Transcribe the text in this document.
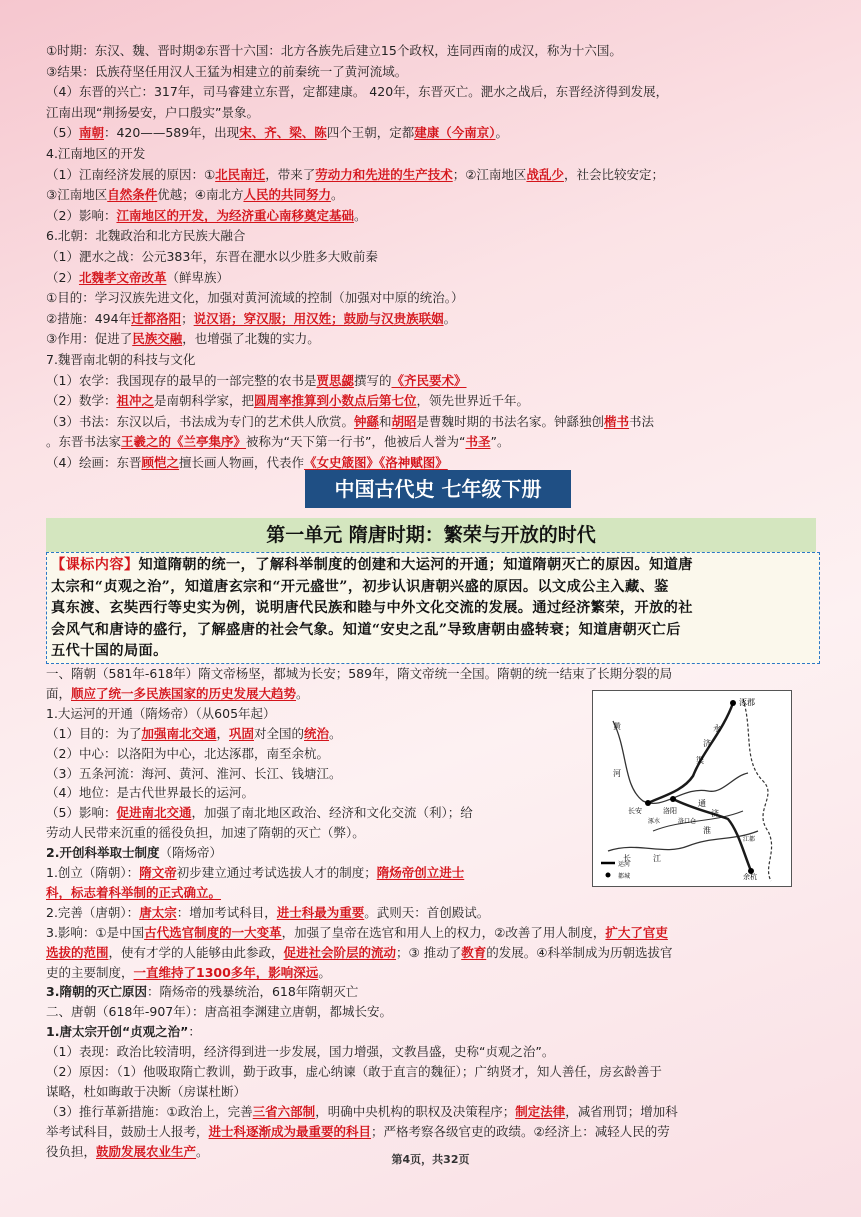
①时期：东汉、魏、晋时期②东晋十六国：北方各族先后建立15个政权，连同西南的成汉，称为十六国。
③结果：氐族苻坚任用汉人王猛为相建立的前秦统一了黄河流域。
（4）东晋的兴亡：317年，司马睿建立东晋，定都建康。 420年，东晋灭亡。淝水之战后，东晋经济得到发展，
江南出现“荆扬晏安，户口殷实”景象。
（5）南朝：420——589年，出现宋、齐、梁、陈四个王朝，定都建康（今南京）。
4.江南地区的开发
（1）江南经济发展的原因：①北民南迁，带来了劳动力和先进的生产技术；②江南地区战乱少，社会比较安定；
③江南地区自然条件优越；④南北方人民的共同努力。
（2）影响：江南地区的开发，为经济重心南移奠定基础。
6.北朝：北魏政治和北方民族大融合
（1）淝水之战：公元383年，东晋在淝水以少胜多大败前秦
（2）北魏孝文帝改革（鲜卑族）
①目的：学习汉族先进文化，加强对黄河流域的控制（加强对中原的统治。）
②措施：494年迁都洛阳；说汉语；穿汉服；用汉姓；鼓励与汉贵族联姻。
③作用：促进了民族交融，也增强了北魏的实力。
7.魏晋南北朝的科技与文化
（1）农学：我国现存的最早的一部完整的农书是贾思勰撰写的《齐民要术》
（2）数学：祖冲之是南朝科学家，把圆周率推算到小数点后第七位，领先世界近千年。
（3）书法：东汉以后，书法成为专门的艺术供人欣赏。钟繇和胡昭是曹魏时期的书法名家。钟繇独创楷书书法
。东晋书法家王羲之的《兰亭集序》被称为“天下第一行书”，他被后人誉为“书圣”。
（4）绘画：东晋顾恺之擅长画人物画，代表作《女史箴图》《洛神赋图》
中国古代史 七年级下册
第一单元 隋唐时期：繁荣与开放的时代
【课标内容】知道隋朝的统一，了解科举制度的创建和大运河的开通；知道隋朝灭亡的原因。知道唐
太宗和“贞观之治”，知道唐玄宗和“开元盛世”，初步认识唐朝兴盛的原因。以文成公主入藏、鉴
真东渡、玄奘西行等史实为例，说明唐代民族和睦与中外文化交流的发展。通过经济繁荣，开放的社
会风气和唐诗的盛行，了解盛唐的社会气象。知道“安史之乱”导致唐朝由盛转衰；知道唐朝灭亡后
五代十国的局面。
一、隋朝（581年-618年）隋文帝杨坚，都城为长安；589年，隋文帝统一全国。隋朝的统一结束了长期分裂的局
面，顺应了统一多民族国家的历史发展大趋势。
1.大运河的开通（隋炀帝）（从605年起）
（1）目的：为了加强南北交通，巩固对全国的统治。
（2）中心：以洛阳为中心，北达涿郡，南至余杭。
（3）五条河流：海河、黄河、淮河、长江、钱塘江。
（4）地位：是古代世界最长的运河。
（5）影响：促进南北交通，加强了南北地区政治、经济和文化交流（利）；给
劳动人民带来沉重的徭役负担，加速了隋朝的灭亡（弊）。
2.开创科举取士制度（隋炀帝）
1.创立（隋朝）：隋文帝初步建立通过考试选拔人才的制度；隋炀帝创立进士
科，标志着科举制的正式确立。
2.完善（唐朝）：唐太宗：增加考试科目，进士科最为重要。武则天：首创殿试。
3.影响：①是中国古代选官制度的一大变革，加强了皇帝在选官和用人上的权力，②改善了用人制度，扩大了官吏
选拔的范围，使有才学的人能够由此参政，促进社会阶层的流动；③ 推动了教育的发展。④科举制成为历朝选拔官
吏的主要制度，一直维持了1300多年，影响深远。
3.隋朝的灭亡原因：隋炀帝的残暴统治，618年隋朝灭亡
二、唐朝（618年-907年）：唐高祖李渊建立唐朝，都城长安。
1.唐太宗开创“贞观之治”：
（1）表现：政治比较清明，经济得到进一步发展，国力增强，文教昌盛，史称“贞观之治”。
（2）原因：（1）他吸取隋亡教训，勤于政事，虚心纳谏（敢于直言的魏征）；广纳贤才，知人善任，房玄龄善于
谋略，杜如晦敢于决断（房谋杜断）
（3）推行革新措施：①政治上，完善三省六部制，明确中央机构的职权及决策程序；制定法律，减省刑罚；增加科
举考试科目，鼓励士人报考，进士科逐渐成为最重要的科目；严格考察各级官吏的政绩。②经济上：减轻人民的劳
役负担，鼓励发展农业生产。
涿郡
黄	永
济
渠
河
长安	洛阳
通
济
洛口仓
涿水
淮
江
长
江都
余杭
运河
都城
第4页，共32页
